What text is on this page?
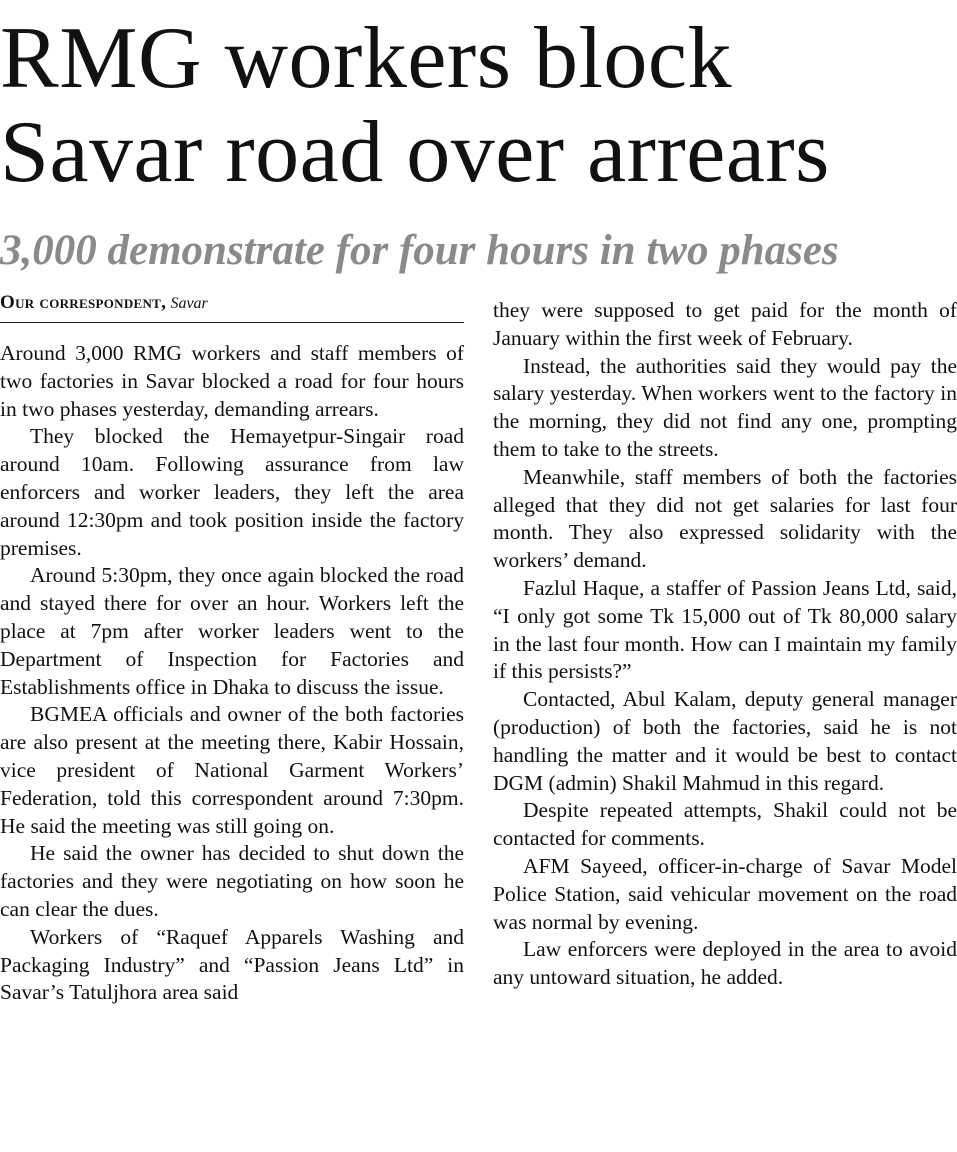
RMG workers block
Savar road over arrears
3,000 demonstrate for four hours in two phases
Our correspondent, Savar

Around 3,000 RMG workers and staff members of two factories in Savar blocked a road for four hours in two phases yesterday, demanding arrears.

They blocked the Hemayetpur-Singair road around 10am. Following assurance from law enforcers and worker leaders, they left the area around 12:30pm and took position inside the factory premises.

Around 5:30pm, they once again blocked the road and stayed there for over an hour. Workers left the place at 7pm after worker leaders went to the Department of Inspection for Factories and Establishments office in Dhaka to discuss the issue.

BGMEA officials and owner of the both factories are also present at the meeting there, Kabir Hossain, vice president of National Garment Workers’ Federation, told this correspondent around 7:30pm. He said the meeting was still going on.

He said the owner has decided to shut down the factories and they were negotiating on how soon he can clear the dues.

Workers of “Raquef Apparels Washing and Packaging Industry” and “Passion Jeans Ltd” in Savar’s Tatuljhora area said

they were supposed to get paid for the month of January within the first week of February.

Instead, the authorities said they would pay the salary yesterday. When workers went to the factory in the morning, they did not find any one, prompting them to take to the streets.

Meanwhile, staff members of both the factories alleged that they did not get salaries for last four month. They also expressed solidarity with the workers’ demand.

Fazlul Haque, a staffer of Passion Jeans Ltd, said, “I only got some Tk 15,000 out of Tk 80,000 salary in the last four month. How can I maintain my family if this persists?”

Contacted, Abul Kalam, deputy general manager (production) of both the factories, said he is not handling the matter and it would be best to contact DGM (admin) Shakil Mahmud in this regard.

Despite repeated attempts, Shakil could not be contacted for comments.

AFM Sayeed, officer-in-charge of Savar Model Police Station, said vehicular movement on the road was normal by evening.

Law enforcers were deployed in the area to avoid any untoward situation, he added.
